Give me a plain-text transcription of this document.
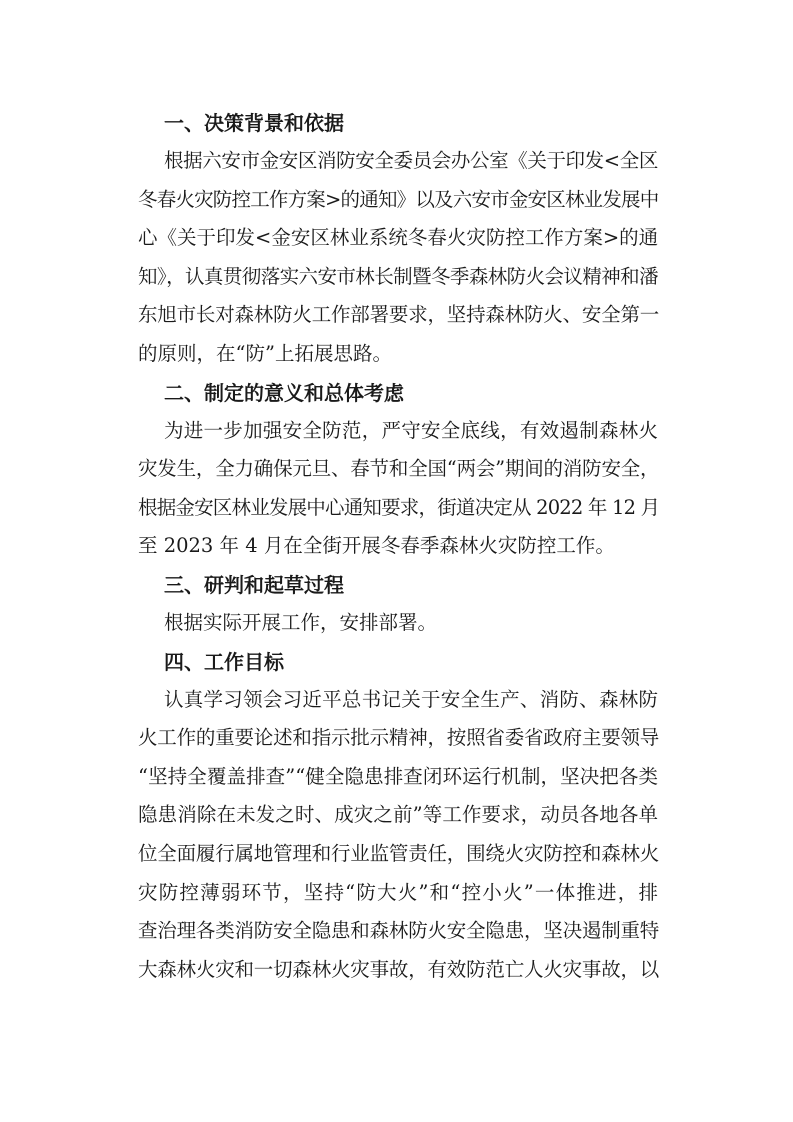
一、决策背景和依据
根据六安市金安区消防安全委员会办公室《关于印发<全区
冬春火灾防控工作方案>的通知》以及六安市金安区林业发展中
心《关于印发<金安区林业系统冬春火灾防控工作方案>的通
知》，认真贯彻落实六安市林长制暨冬季森林防火会议精神和潘
东旭市长对森林防火工作部署要求，坚持森林防火、安全第一
的原则，在“防”上拓展思路。
二、制定的意义和总体考虑
为进一步加强安全防范，严守安全底线，有效遏制森林火
灾发生，全力确保元旦、春节和全国“两会”期间的消防安全，
根据金安区林业发展中心通知要求，街道决定从 2022 年 12 月
至 2023 年 4 月在全街开展冬春季森林火灾防控工作。
三、研判和起草过程
根据实际开展工作，安排部署。
四、工作目标
认真学习领会习近平总书记关于安全生产、消防、森林防
火工作的重要论述和指示批示精神，按照省委省政府主要领导
“坚持全覆盖排查”“健全隐患排查闭环运行机制，坚决把各类
隐患消除在未发之时、成灾之前”等工作要求，动员各地各单
位全面履行属地管理和行业监管责任，围绕火灾防控和森林火
灾防控薄弱环节，坚持“防大火”和“控小火”一体推进，排
查治理各类消防安全隐患和森林防火安全隐患，坚决遏制重特
大森林火灾和一切森林火灾事故，有效防范亡人火灾事故，以
